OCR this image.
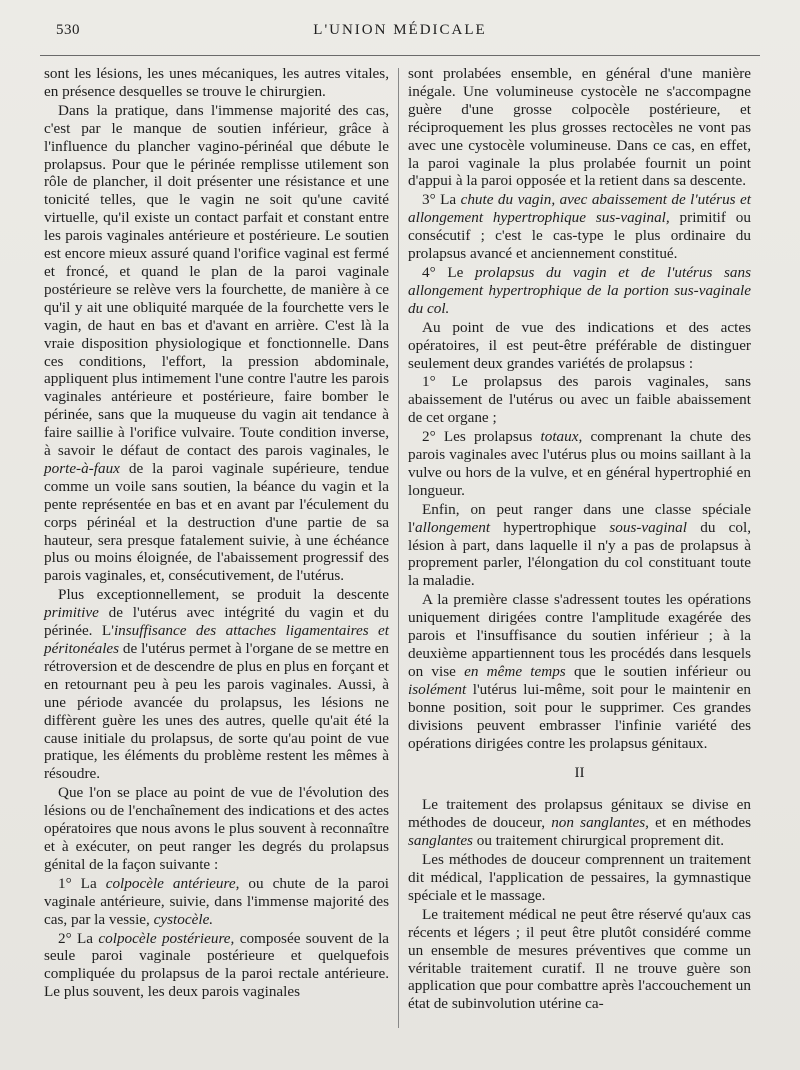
530	L'UNION MÉDICALE

sont les lésions, les unes mécaniques, les autres vitales, en présence desquelles se trouve le chirurgien.

Dans la pratique, dans l'immense majorité des cas, c'est par le manque de soutien inférieur, grâce à l'influence du plancher vagino-périnéal que débute le prolapsus. Pour que le périnée remplisse utilement son rôle de plancher, il doit présenter une résistance et une tonicité telles, que le vagin ne soit qu'une cavité virtuelle, qu'il existe un contact parfait et constant entre les parois vaginales antérieure et postérieure. Le soutien est encore mieux assuré quand l'orifice vaginal est fermé et froncé, et quand le plan de la paroi vaginale postérieure se relève vers la fourchette, de manière à ce qu'il y ait une obliquité marquée de la fourchette vers le vagin, de haut en bas et d'avant en arrière. C'est là la vraie disposition physiologique et fonctionnelle. Dans ces conditions, l'effort, la pression abdominale, appliquent plus intimement l'une contre l'autre les parois vaginales antérieure et postérieure, faire bomber le périnée, sans que la muqueuse du vagin ait tendance à faire saillie à l'orifice vulvaire. Toute condition inverse, à savoir le défaut de contact des parois vaginales, le porte-à-faux de la paroi vaginale supérieure, tendue comme un voile sans soutien, la béance du vagin et la pente représentée en bas et en avant par l'éculement du corps périnéal et la destruction d'une partie de sa hauteur, sera presque fatalement suivie, à une échéance plus ou moins éloignée, de l'abaissement progressif des parois vaginales, et, consécutivement, de l'utérus.

Plus exceptionnellement, se produit la descente primitive de l'utérus avec intégrité du vagin et du périnée. L'insuffisance des attaches ligamentaires et péritonéales de l'utérus permet à l'organe de se mettre en rétroversion et de descendre de plus en plus en forçant et en retournant peu à peu les parois vaginales. Aussi, à une période avancée du prolapsus, les lésions ne diffèrent guère les unes des autres, quelle qu'ait été la cause initiale du prolapsus, de sorte qu'au point de vue pratique, les éléments du problème restent les mêmes à résoudre.

Que l'on se place au point de vue de l'évolution des lésions ou de l'enchaînement des indications et des actes opératoires que nous avons le plus souvent à reconnaître et à exécuter, on peut ranger les degrés du prolapsus génital de la façon suivante :

1° La colpocèle antérieure, ou chute de la paroi vaginale antérieure, suivie, dans l'immense majorité des cas, par la vessie, cystocèle.

2° La colpocèle postérieure, composée souvent de la seule paroi vaginale postérieure et quelquefois compliquée du prolapsus de la paroi rectale antérieure. Le plus souvent, les deux parois vaginales

sont prolabées ensemble, en général d'une manière inégale. Une volumineuse cystocèle ne s'accompagne guère d'une grosse colpocèle postérieure, et réciproquement les plus grosses rectocèles ne vont pas avec une cystocèle volumineuse. Dans ce cas, en effet, la paroi vaginale la plus prolabée fournit un point d'appui à la paroi opposée et la retient dans sa descente.

3° La chute du vagin, avec abaissement de l'utérus et allongement hypertrophique sus-vaginal, primitif ou consécutif ; c'est le cas-type le plus ordinaire du prolapsus avancé et anciennement constitué.

4° Le prolapsus du vagin et de l'utérus sans allongement hypertrophique de la portion sus-vaginale du col.

Au point de vue des indications et des actes opératoires, il est peut-être préférable de distinguer seulement deux grandes variétés de prolapsus :

1° Le prolapsus des parois vaginales, sans abaissement de l'utérus ou avec un faible abaissement de cet organe ;

2° Les prolapsus totaux, comprenant la chute des parois vaginales avec l'utérus plus ou moins saillant à la vulve ou hors de la vulve, et en général hypertrophié en longueur.

Enfin, on peut ranger dans une classe spéciale l'allongement hypertrophique sous-vaginal du col, lésion à part, dans laquelle il n'y a pas de prolapsus à proprement parler, l'élongation du col constituant toute la maladie.

A la première classe s'adressent toutes les opérations uniquement dirigées contre l'amplitude exagérée des parois et l'insuffisance du soutien inférieur ; à la deuxième appartiennent tous les procédés dans lesquels on vise en même temps que le soutien inférieur ou isolément l'utérus lui-même, soit pour le maintenir en bonne position, soit pour le supprimer. Ces grandes divisions peuvent embrasser l'infinie variété des opérations dirigées contre les prolapsus génitaux.

II

Le traitement des prolapsus génitaux se divise en méthodes de douceur, non sanglantes, et en méthodes sanglantes ou traitement chirurgical proprement dit.

Les méthodes de douceur comprennent un traitement dit médical, l'application de pessaires, la gymnastique spéciale et le massage.

Le traitement médical ne peut être réservé qu'aux cas récents et légers ; il peut être plutôt considéré comme un ensemble de mesures préventives que comme un véritable traitement curatif. Il ne trouve guère son application que pour combattre après l'accouchement un état de subinvolution utérine ca-
